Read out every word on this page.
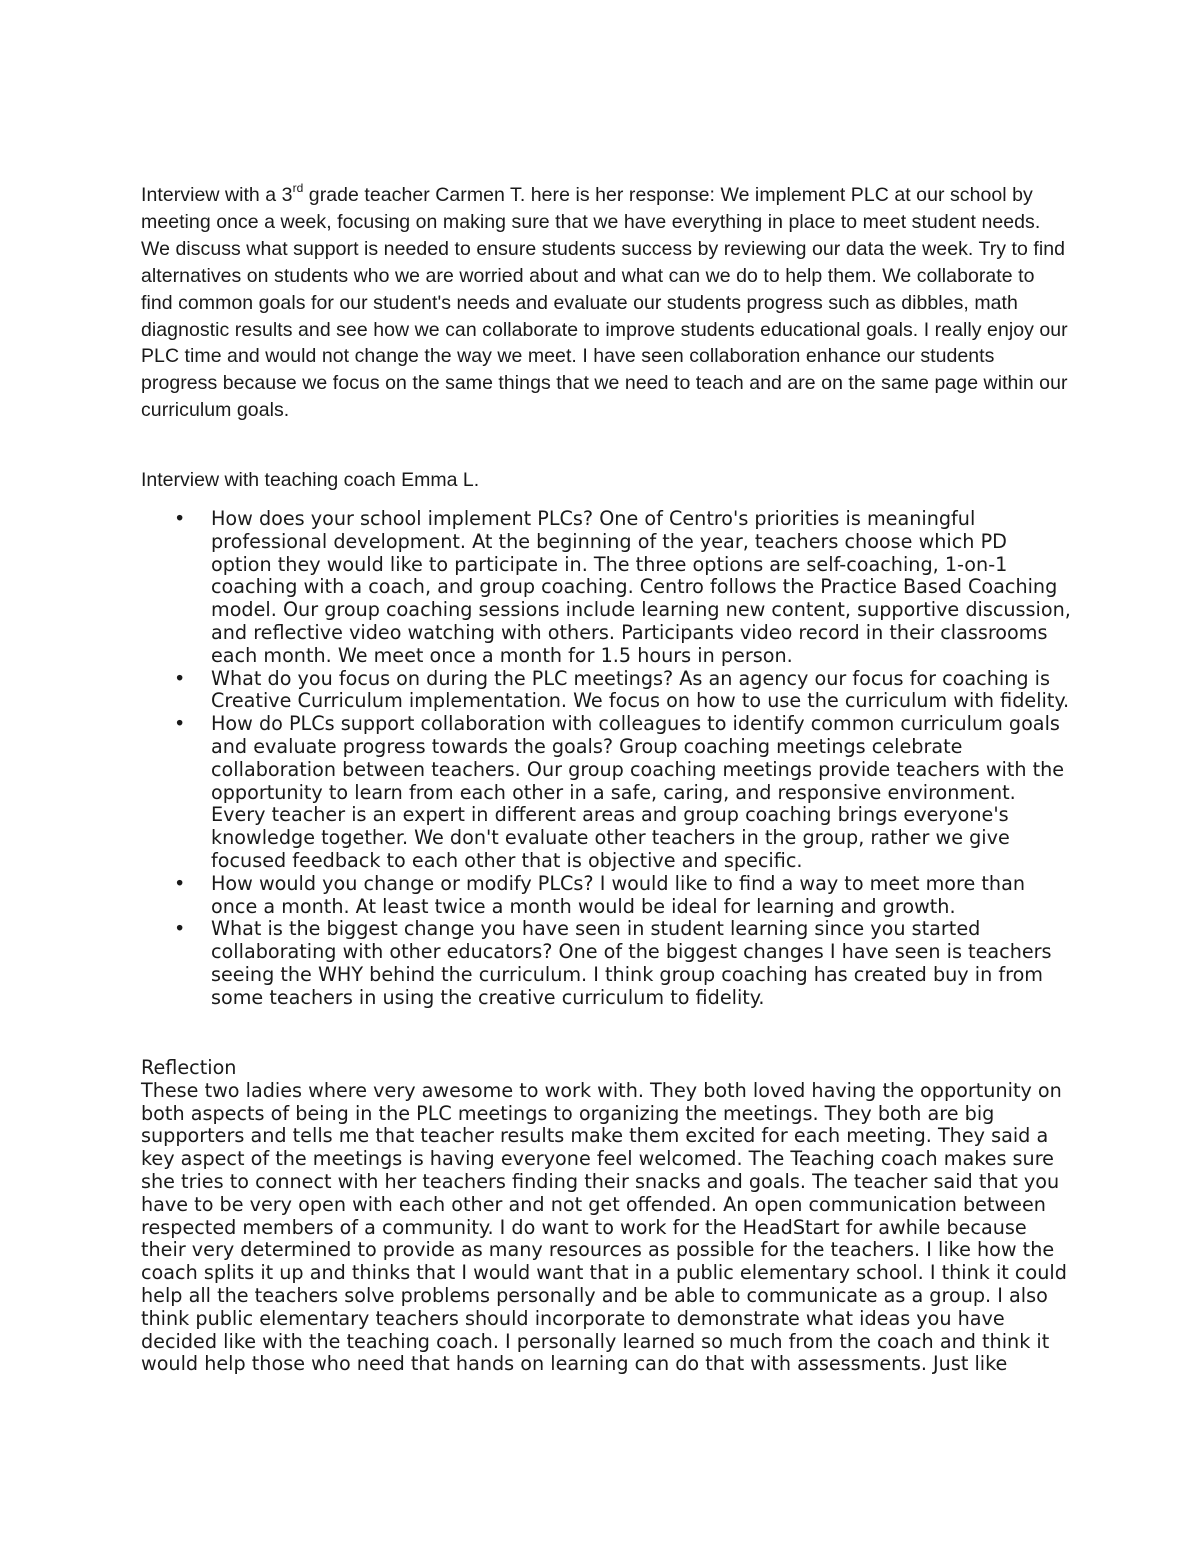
Interview with a 3rd grade teacher Carmen T. here is her response: We implement PLC at our school by meeting once a week, focusing on making sure that we have everything in place to meet student needs. We discuss what support is needed to ensure students success by reviewing our data the week. Try to find alternatives on students who we are worried about and what can we do to help them. We collaborate to find common goals for our student's needs and evaluate our students progress such as dibbles, math diagnostic results and see how we can collaborate to improve students educational goals. I really enjoy our PLC time and would not change the way we meet. I have seen collaboration enhance our students progress because we focus on the same things that we need to teach and are on the same page within our curriculum goals.

Interview with teaching coach Emma L.

• How does your school implement PLCs? One of Centro's priorities is meaningful professional development. At the beginning of the year, teachers choose which PD option they would like to participate in. The three options are self-coaching, 1-on-1 coaching with a coach, and group coaching. Centro follows the Practice Based Coaching model. Our group coaching sessions include learning new content, supportive discussion, and reflective video watching with others. Participants video record in their classrooms each month. We meet once a month for 1.5 hours in person.
• What do you focus on during the PLC meetings? As an agency our focus for coaching is Creative Curriculum implementation. We focus on how to use the curriculum with fidelity.
• How do PLCs support collaboration with colleagues to identify common curriculum goals and evaluate progress towards the goals? Group coaching meetings celebrate collaboration between teachers. Our group coaching meetings provide teachers with the opportunity to learn from each other in a safe, caring, and responsive environment. Every teacher is an expert in different areas and group coaching brings everyone's knowledge together. We don't evaluate other teachers in the group, rather we give focused feedback to each other that is objective and specific.
• How would you change or modify PLCs? I would like to find a way to meet more than once a month. At least twice a month would be ideal for learning and growth.
• What is the biggest change you have seen in student learning since you started collaborating with other educators? One of the biggest changes I have seen is teachers seeing the WHY behind the curriculum. I think group coaching has created buy in from some teachers in using the creative curriculum to fidelity.
Reflection
These two ladies where very awesome to work with. They both loved having the opportunity on both aspects of being in the PLC meetings to organizing the meetings. They both are big supporters and tells me that teacher results make them excited for each meeting. They said a key aspect of the meetings is having everyone feel welcomed. The Teaching coach makes sure she tries to connect with her teachers finding their snacks and goals. The teacher said that you have to be very open with each other and not get offended. An open communication between respected members of a community. I do want to work for the HeadStart for awhile because their very determined to provide as many resources as possible for the teachers. I like how the coach splits it up and thinks that I would want that in a public elementary school. I think it could help all the teachers solve problems personally and be able to communicate as a group. I also think public elementary teachers should incorporate to demonstrate what ideas you have decided like with the teaching coach. I personally learned so much from the coach and think it would help those who need that hands on learning can do that with assessments. Just like
